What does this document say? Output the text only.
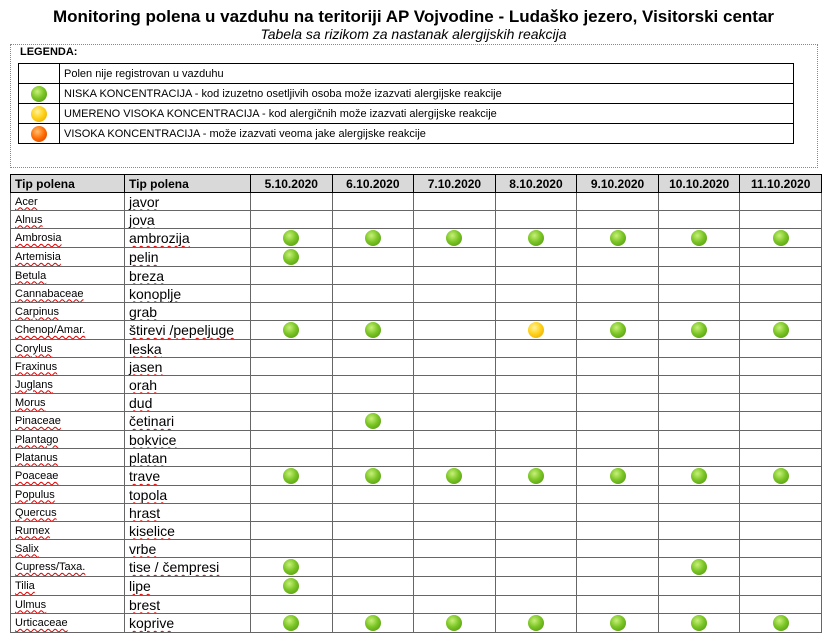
Monitoring polena u vazduhu na teritoriji AP Vojvodine - Ludaško jezero, Visitorski centar
Tabela sa rizikom za nastanak alergijskih reakcija
LEGENDA:
	Polen nije registrovan u vazduhu
	NISKA KONCENTRACIJA - kod izuzetno osetljivih osoba može izazvati alergijske reakcije
	UMERENO VISOKA KONCENTRACIJA - kod alergičnih može izazvati alergijske reakcije
	VISOKA KONCENTRACIJA - može izazvati veoma jake alergijske reakcije
Tip polena	Tip polena	5.10.2020	6.10.2020	7.10.2020	8.10.2020	9.10.2020	10.10.2020	11.10.2020
Acer	javor							
Alnus	jova							
Ambrosia	ambrozija							
Artemisia	pelin							
Betula	breza							
Cannabaceae	konoplje							
Carpinus	grab							
Chenop/Amar.	štirevi /pepeljuge							
Corylus	leska							
Fraxinus	jasen							
Juglans	orah							
Morus	dud							
Pinaceae	četinari							
Plantago	bokvice							
Platanus	platan							
Poaceae	trave							
Populus	topola							
Quercus	hrast							
Rumex	kiselice							
Salix	vrbe							
Cupress/Taxa.	tise / čempresi							
Tilia	lipe							
Ulmus	brest							
Urticaceae	koprive							
